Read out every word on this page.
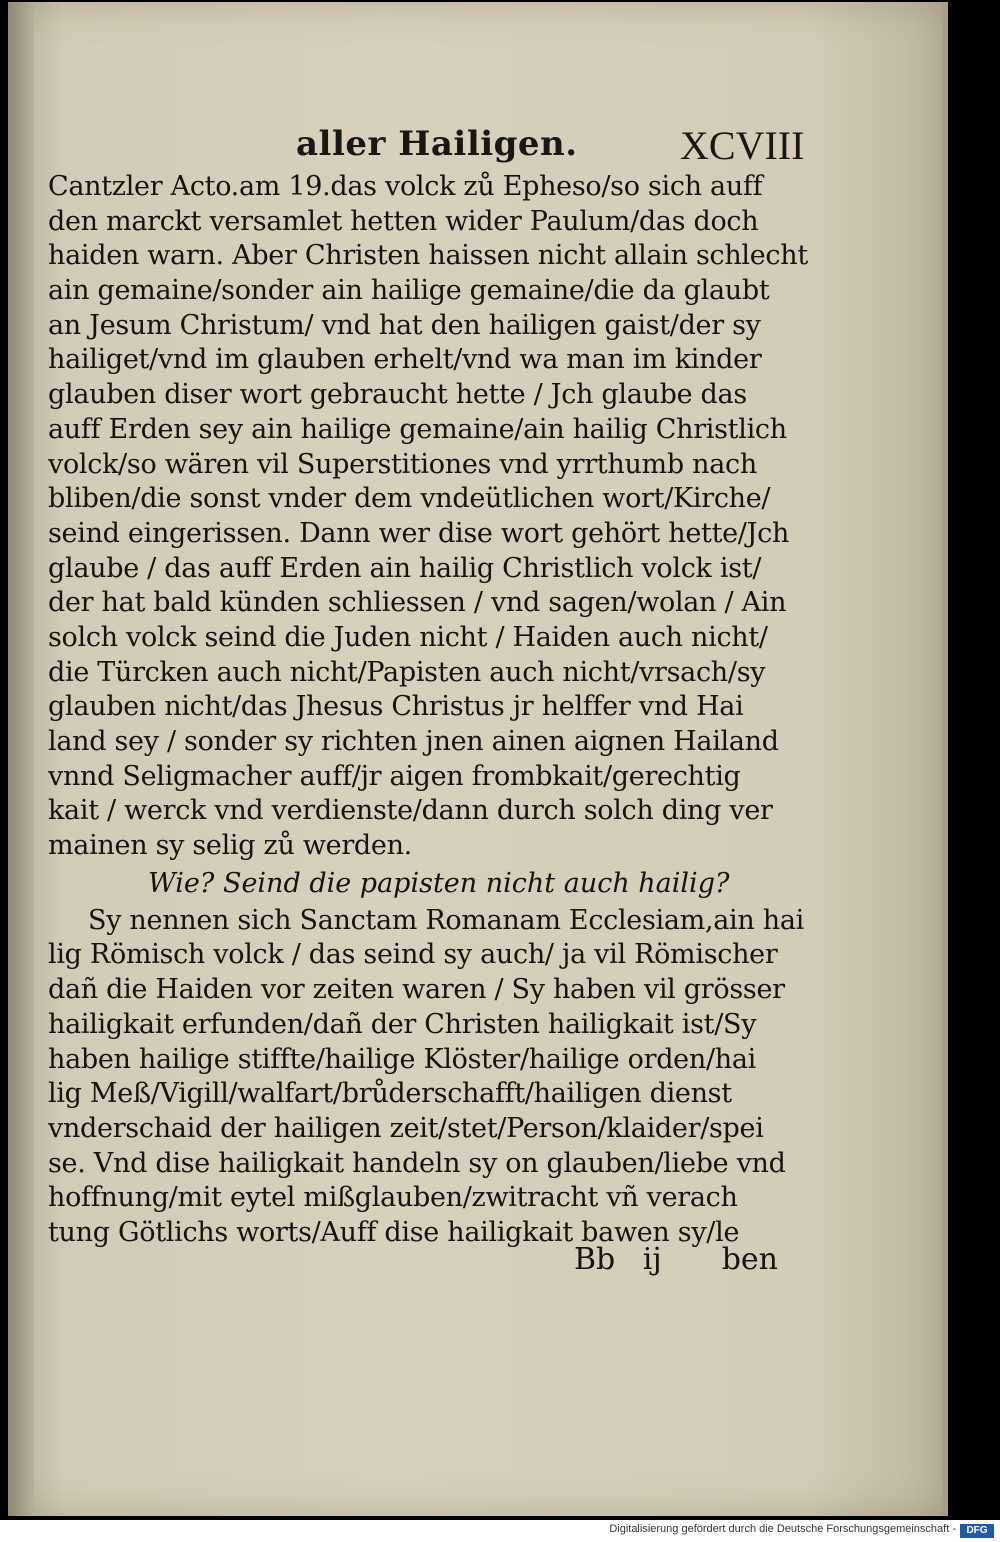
aller Hailigen.	XCVIII
Cantzler Acto.am 19.das volck zů Epheso/so sich auff
den marckt versamlet hetten wider Paulum/das doch
haiden warn. Aber Christen haissen nicht allain schlecht
ain gemaine/sonder ain hailige gemaine/die da glaubt
an Jesum Christum/ vnd hat den hailigen gaist/der sy
hailiget/vnd im glauben erhelt/vnd wa man im kinder
glauben diser wort gebraucht hette / Jch glaube das
auff Erden sey ain hailige gemaine/ain hailig Christlich
volck/so wären vil Superstitiones vnd yrrthumb nach
bliben/die sonst vnder dem vndeütlichen wort/Kirche/
seind eingerissen. Dann wer dise wort gehört hette/Jch
glaube / das auff Erden ain hailig Christlich volck ist/
der hat bald künden schliessen / vnd sagen/wolan / Ain
solch volck seind die Juden nicht / Haiden auch nicht/
die Türcken auch nicht/Papisten auch nicht/vrsach/sy
glauben nicht/das Jhesus Christus jr helffer vnd Hai
land sey / sonder sy richten jnen ainen aignen Hailand
vnnd Seligmacher auff/jr aigen frombkait/gerechtig
kait / werck vnd verdienste/dann durch solch ding ver
mainen sy selig zů werden.
Wie? Seind die papisten nicht auch hailig?
Sy nennen sich Sanctam Romanam Ecclesiam,ain hai
lig Römisch volck / das seind sy auch/ ja vil Römischer
dañ die Haiden vor zeiten waren / Sy haben vil grösser
hailigkait erfunden/dañ der Christen hailigkait ist/Sy
haben hailige stiffte/hailige Klöster/hailige orden/hai
lig Meß/Vigill/walfart/brůderschafft/hailigen dienst
vnderschaid der hailigen zeit/stet/Person/klaider/spei
se. Vnd dise hailigkait handeln sy on glauben/liebe vnd
hoffnung/mit eytel mißglauben/zwitracht vñ verach
tung Götlichs worts/Auff dise hailigkait bawen sy/le
Bb ij ben
Digitalisierung gefördert durch die Deutsche Forschungsgemeinschaft -	DFG
